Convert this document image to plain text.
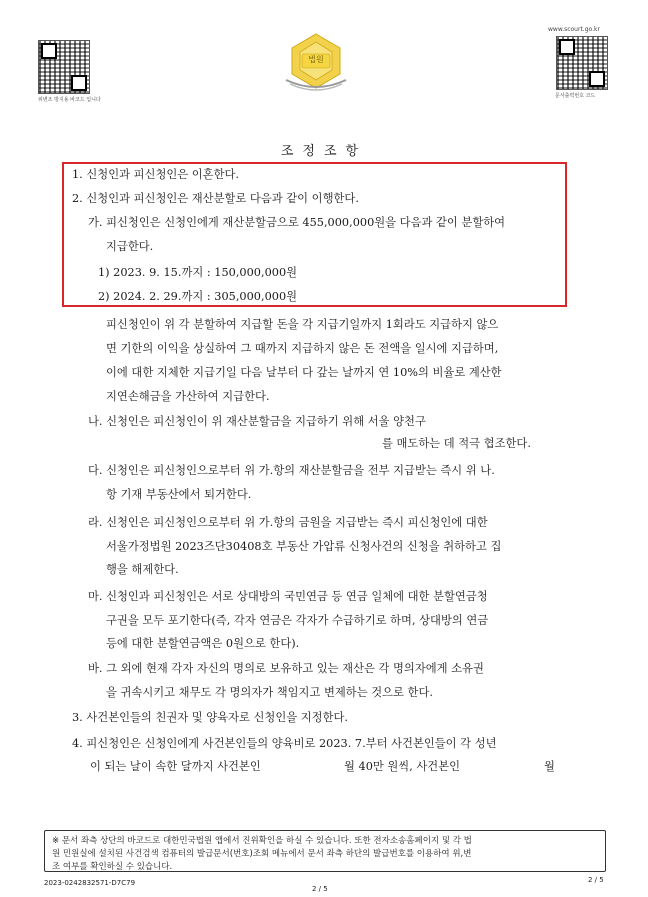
위변조 방지용 바코드 입니다
법원
www.scourt.go.kr
문서출력번호 코드
조정조항
1. 신청인과 피신청인은 이혼한다.
2. 신청인과 피신청인은 재산분할로 다음과 같이 이행한다.
가. 피신청인은 신청인에게 재산분할금으로 455,000,000원을 다음과 같이 분할하여
지급한다.
1) 2023. 9. 15.까지 : 150,000,000원
2) 2024. 2. 29.까지 : 305,000,000원
피신청인이 위 각 분할하여 지급할 돈을 각 지급기일까지 1회라도 지급하지 않으
면 기한의 이익을 상실하여 그 때까지 지급하지 않은 돈 전액을 일시에 지급하며,
이에 대한 지체한 지급기일 다음 날부터 다 갚는 날까지 연 10%의 비율로 계산한
지연손해금을 가산하여 지급한다.
나. 신청인은 피신청인이 위 재산분할금을 지급하기 위해 서울 양천구
를 매도하는 데 적극 협조한다.
다. 신청인은 피신청인으로부터 위 가.항의 재산분할금을 전부 지급받는 즉시 위 나.
항 기재 부동산에서 퇴거한다.
라. 신청인은 피신청인으로부터 위 가.항의 금원을 지급받는 즉시 피신청인에 대한
서울가정법원 2023즈단30408호 부동산 가압류 신청사건의 신청을 취하하고 집
행을 해제한다.
마. 신청인과 피신청인은 서로 상대방의 국민연금 등 연금 일체에 대한 분할연금청
구권을 모두 포기한다(즉, 각자 연금은 각자가 수급하기로 하며, 상대방의 연금
등에 대한 분할연금액은 0원으로 한다).
바. 그 외에 현재 각자 자신의 명의로 보유하고 있는 재산은 각 명의자에게 소유권
을 귀속시키고 채무도 각 명의자가 책임지고 변제하는 것으로 한다.
3. 사건본인들의 친권자 및 양육자로 신청인을 지정한다.
4. 피신청인은 신청인에게 사건본인들의 양육비로 2023. 7.부터 사건본인들이 각 성년
이 되는 날이 속한 달까지 사건본인	월 40만 원씩, 사건본인	월
※ 문서 좌측 상단의 바코드로 대한민국법원 앱에서 진위확인을 하실 수 있습니다. 또한 전자소송홈페이지 및 각 법
원 민원실에 설치된 사건검색 컴퓨터의 발급문서(번호)조회 메뉴에서 문서 좌측 하단의 발급번호를 이용하여 위,변
조 여부를 확인하실 수 있습니다.
2023-0242832571-D7C79
2 / 5
2 / 5
